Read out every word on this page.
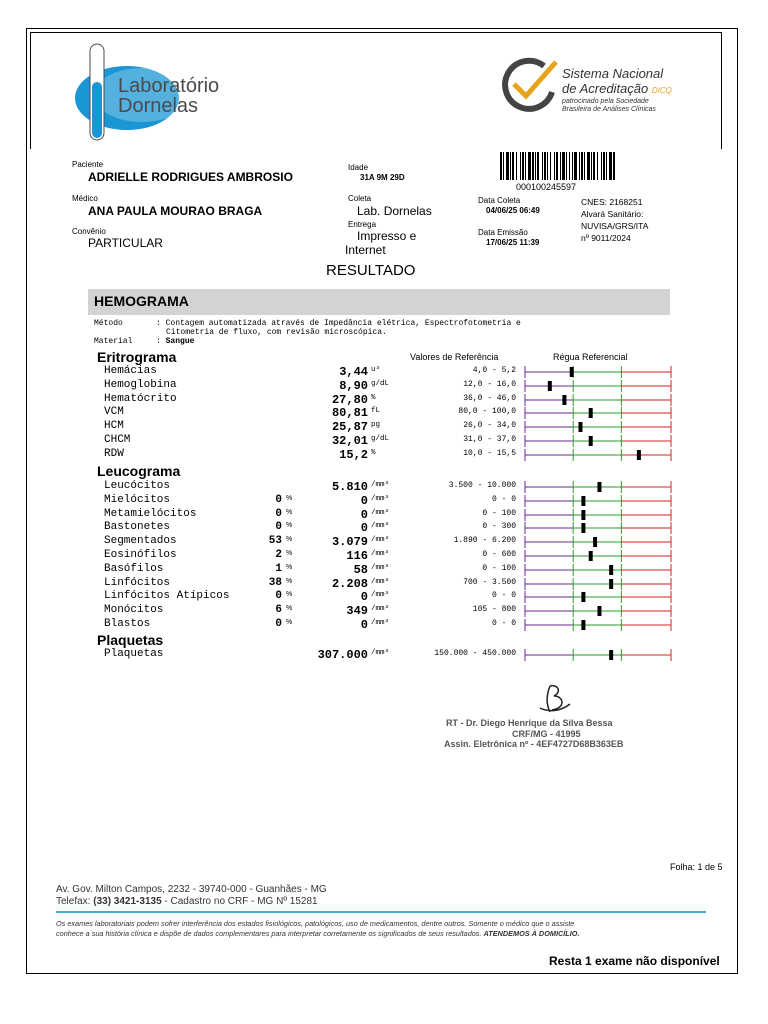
Laboratório
Dornelas
Sistema Nacional
de Acreditação DICQ
patrocinado pela Sociedade
Brasileira de Análises Clínicas
Paciente
ADRIELLE RODRIGUES AMBROSIO
Idade
31A 9M 29D
000100245597
Médico
ANA PAULA MOURAO BRAGA
Coleta
Lab. Dornelas
Entrega
Impresso e
Internet
Data Coleta
04/06/25 06:49
Data Emissão
17/06/25 11:39
CNES: 2168251
Alvará Sanitário:
NUVISA/GRS/ITA
nº 9011/2024
Convênio
PARTICULAR
RESULTADO
HEMOGRAMA
Método	: Contagem automatizada através de Impedância elétrica, Espectrofotometria e
Citometria de fluxo, com revisão microscópica.
Material	: Sangue
Eritrograma	Valores de Referência	Régua Referencial
Hemácias	3,44 u³	4,0 - 5,2
Hemoglobina	8,90 g/dL	12,0 - 16,0
Hematócrito	27,80 %	36,0 - 46,0
VCM	80,81 fL	80,0 - 100,0
HCM	25,87 pg	26,0 - 34,0
CHCM	32,01 g/dL	31,0 - 37,0
RDW	15,2 %	10,0 - 15,5
Leucograma
Leucócitos	5.810 /mm³	3.500 - 10.000
Mielócitos	0 %	0 /mm³	0 - 0
Metamielócitos	0 %	0 /mm³	0 - 100
Bastonetes	0 %	0 /mm³	0 - 300
Segmentados	53 %	3.079 /mm³	1.890 - 6.200
Eosinófilos	2 %	116 /mm³	0 - 600
Basófilos	1 %	58 /mm³	0 - 100
Linfócitos	38 %	2.208 /mm³	700 - 3.500
Linfócitos Atípicos	0 %	0 /mm³	0 - 0
Monócitos	6 %	349 /mm³	105 - 800
Blastos	0 %	0 /mm³	0 - 0
Plaquetas
Plaquetas	307.000 /mm³	150.000 - 450.000
RT - Dr. Diego Henrique da Silva Bessa
CRF/MG - 41995
Assin. Eletrônica nº - 4EF4727D68B363EB
Folha: 1 de 5
Av. Gov. Milton Campos, 2232 - 39740-000 - Guanhães - MG
Telefax: (33) 3421-3135 - Cadastro no CRF - MG Nº 15281
Os exames laboratoriais podem sofrer interferência dos estados fisiológicos, patológicos, uso de medicamentos, dentre outros. Somente o médico que o assiste
conhece a sua história clínica e dispõe de dados complementares para interpretar corretamente os significados de seus resultados. ATENDEMOS À DOMICÍLIO.
Resta 1 exame não disponível
